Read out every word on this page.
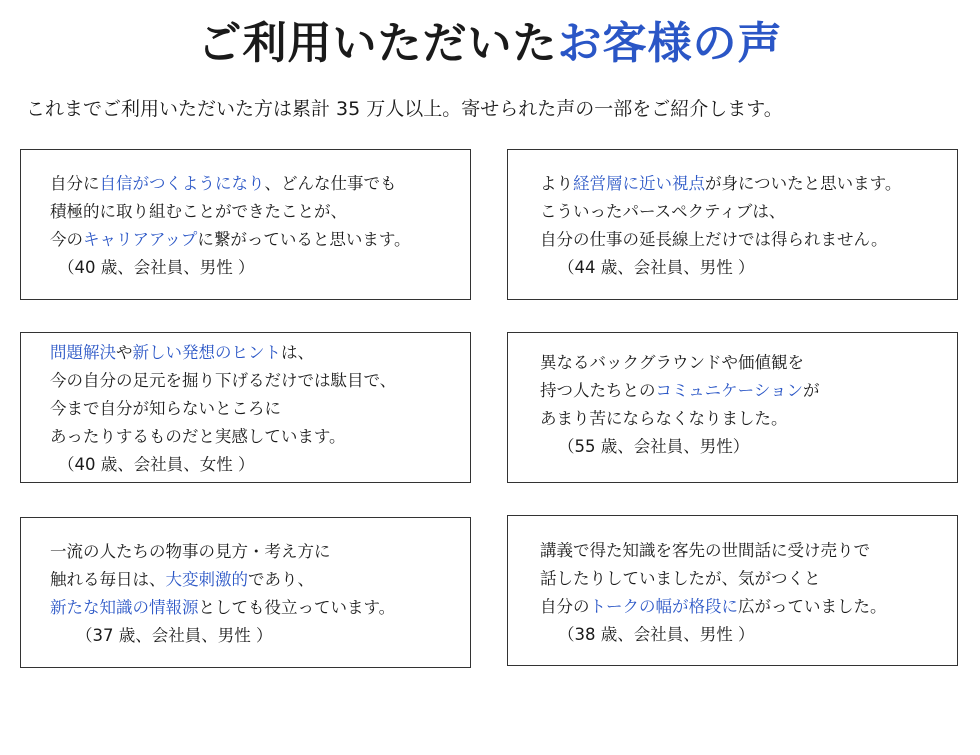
ご利用いただいたお客様の声
これまでご利用いただいた方は累計 35 万人以上。寄せられた声の一部をご紹介します。
自分に自信がつくようになり、どんな仕事でも
積極的に取り組むことができたことが、
今のキャリアアップに繋がっていると思います。
（40 歳、会社員、男性 ）
より経営層に近い視点が身についたと思います。
こういったパースペクティブは、
自分の仕事の延長線上だけでは得られません。
（44 歳、会社員、男性 ）
問題解決や新しい発想のヒントは、
今の自分の足元を掘り下げるだけでは駄目で、
今まで自分が知らないところに
あったりするものだと実感しています。
（40 歳、会社員、女性 ）
異なるバックグラウンドや価値観を
持つ人たちとのコミュニケーションが
あまり苦にならなくなりました。
（55 歳、会社員、男性）
一流の人たちの物事の見方・考え方に
触れる毎日は、大変刺激的であり、
新たな知識の情報源としても役立っています。
（37 歳、会社員、男性 ）
講義で得た知識を客先の世間話に受け売りで
話したりしていましたが、気がつくと
自分のトークの幅が格段に広がっていました。
（38 歳、会社員、男性 ）
